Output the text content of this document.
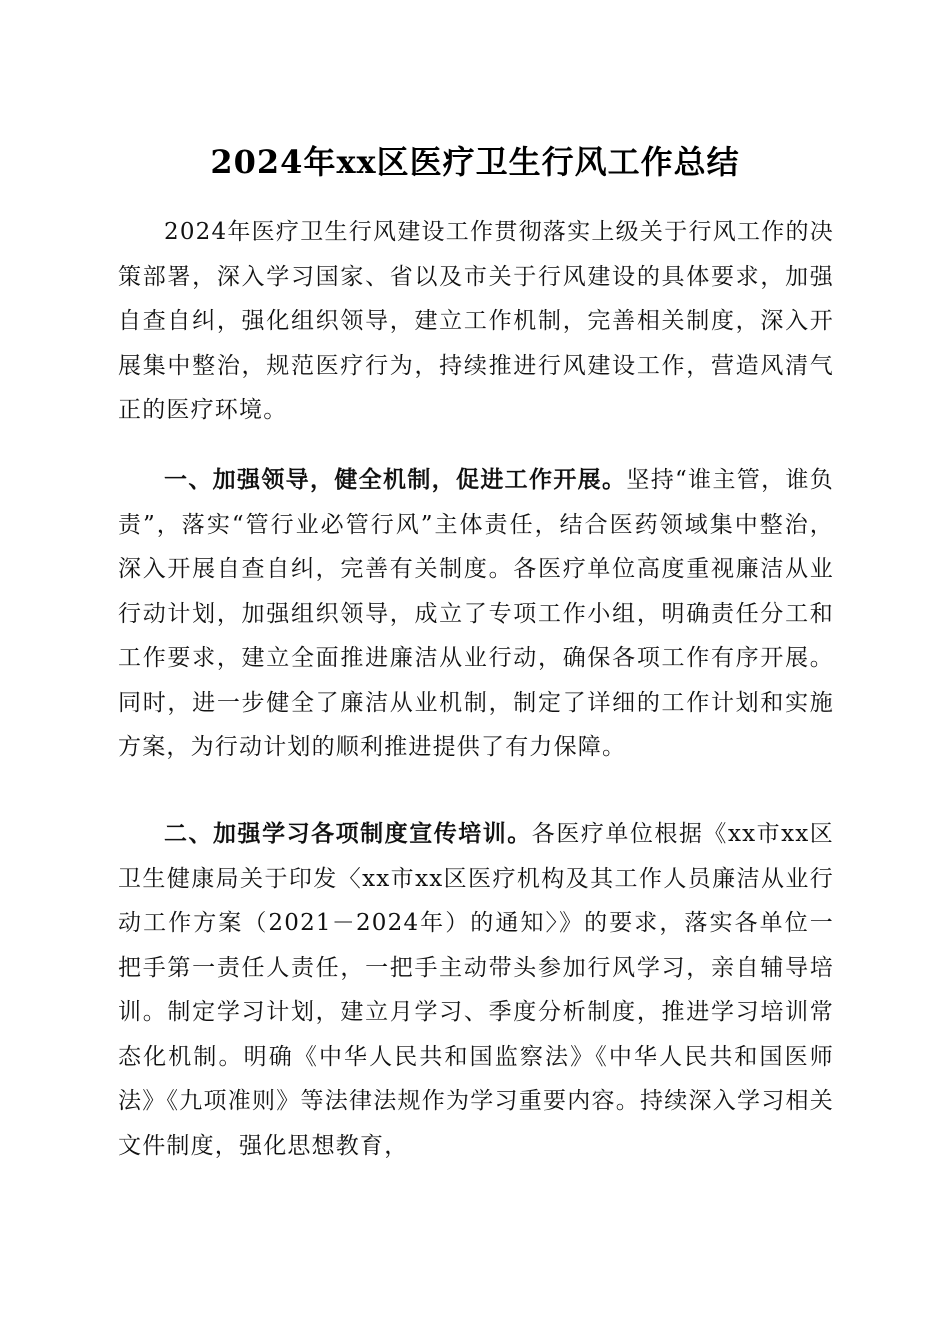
2024年xx区医疗卫生行风工作总结

2024年医疗卫生行风建设工作贯彻落实上级关于行风工作的决策部署，深入学习国家、省以及市关于行风建设的具体要求，加强自查自纠，强化组织领导，建立工作机制，完善相关制度，深入开展集中整治，规范医疗行为，持续推进行风建设工作，营造风清气正的医疗环境。

一、加强领导，健全机制，促进工作开展。坚持“谁主管，谁负责”，落实“管行业必管行风”主体责任，结合医药领域集中整治，深入开展自查自纠，完善有关制度。各医疗单位高度重视廉洁从业行动计划，加强组织领导，成立了专项工作小组，明确责任分工和工作要求，建立全面推进廉洁从业行动，确保各项工作有序开展。同时，进一步健全了廉洁从业机制，制定了详细的工作计划和实施方案，为行动计划的顺利推进提供了有力保障。

二、加强学习各项制度宣传培训。各医疗单位根据《xx市xx区卫生健康局关于印发〈xx市xx区医疗机构及其工作人员廉洁从业行动工作方案（2021－2024年）的通知〉》的要求，落实各单位一把手第一责任人责任，一把手主动带头参加行风学习，亲自辅导培训。制定学习计划，建立月学习、季度分析制度，推进学习培训常态化机制。明确《中华人民共和国监察法》《中华人民共和国医师法》《九项准则》等法律法规作为学习重要内容。持续深入学习相关文件制度，强化思想教育，
